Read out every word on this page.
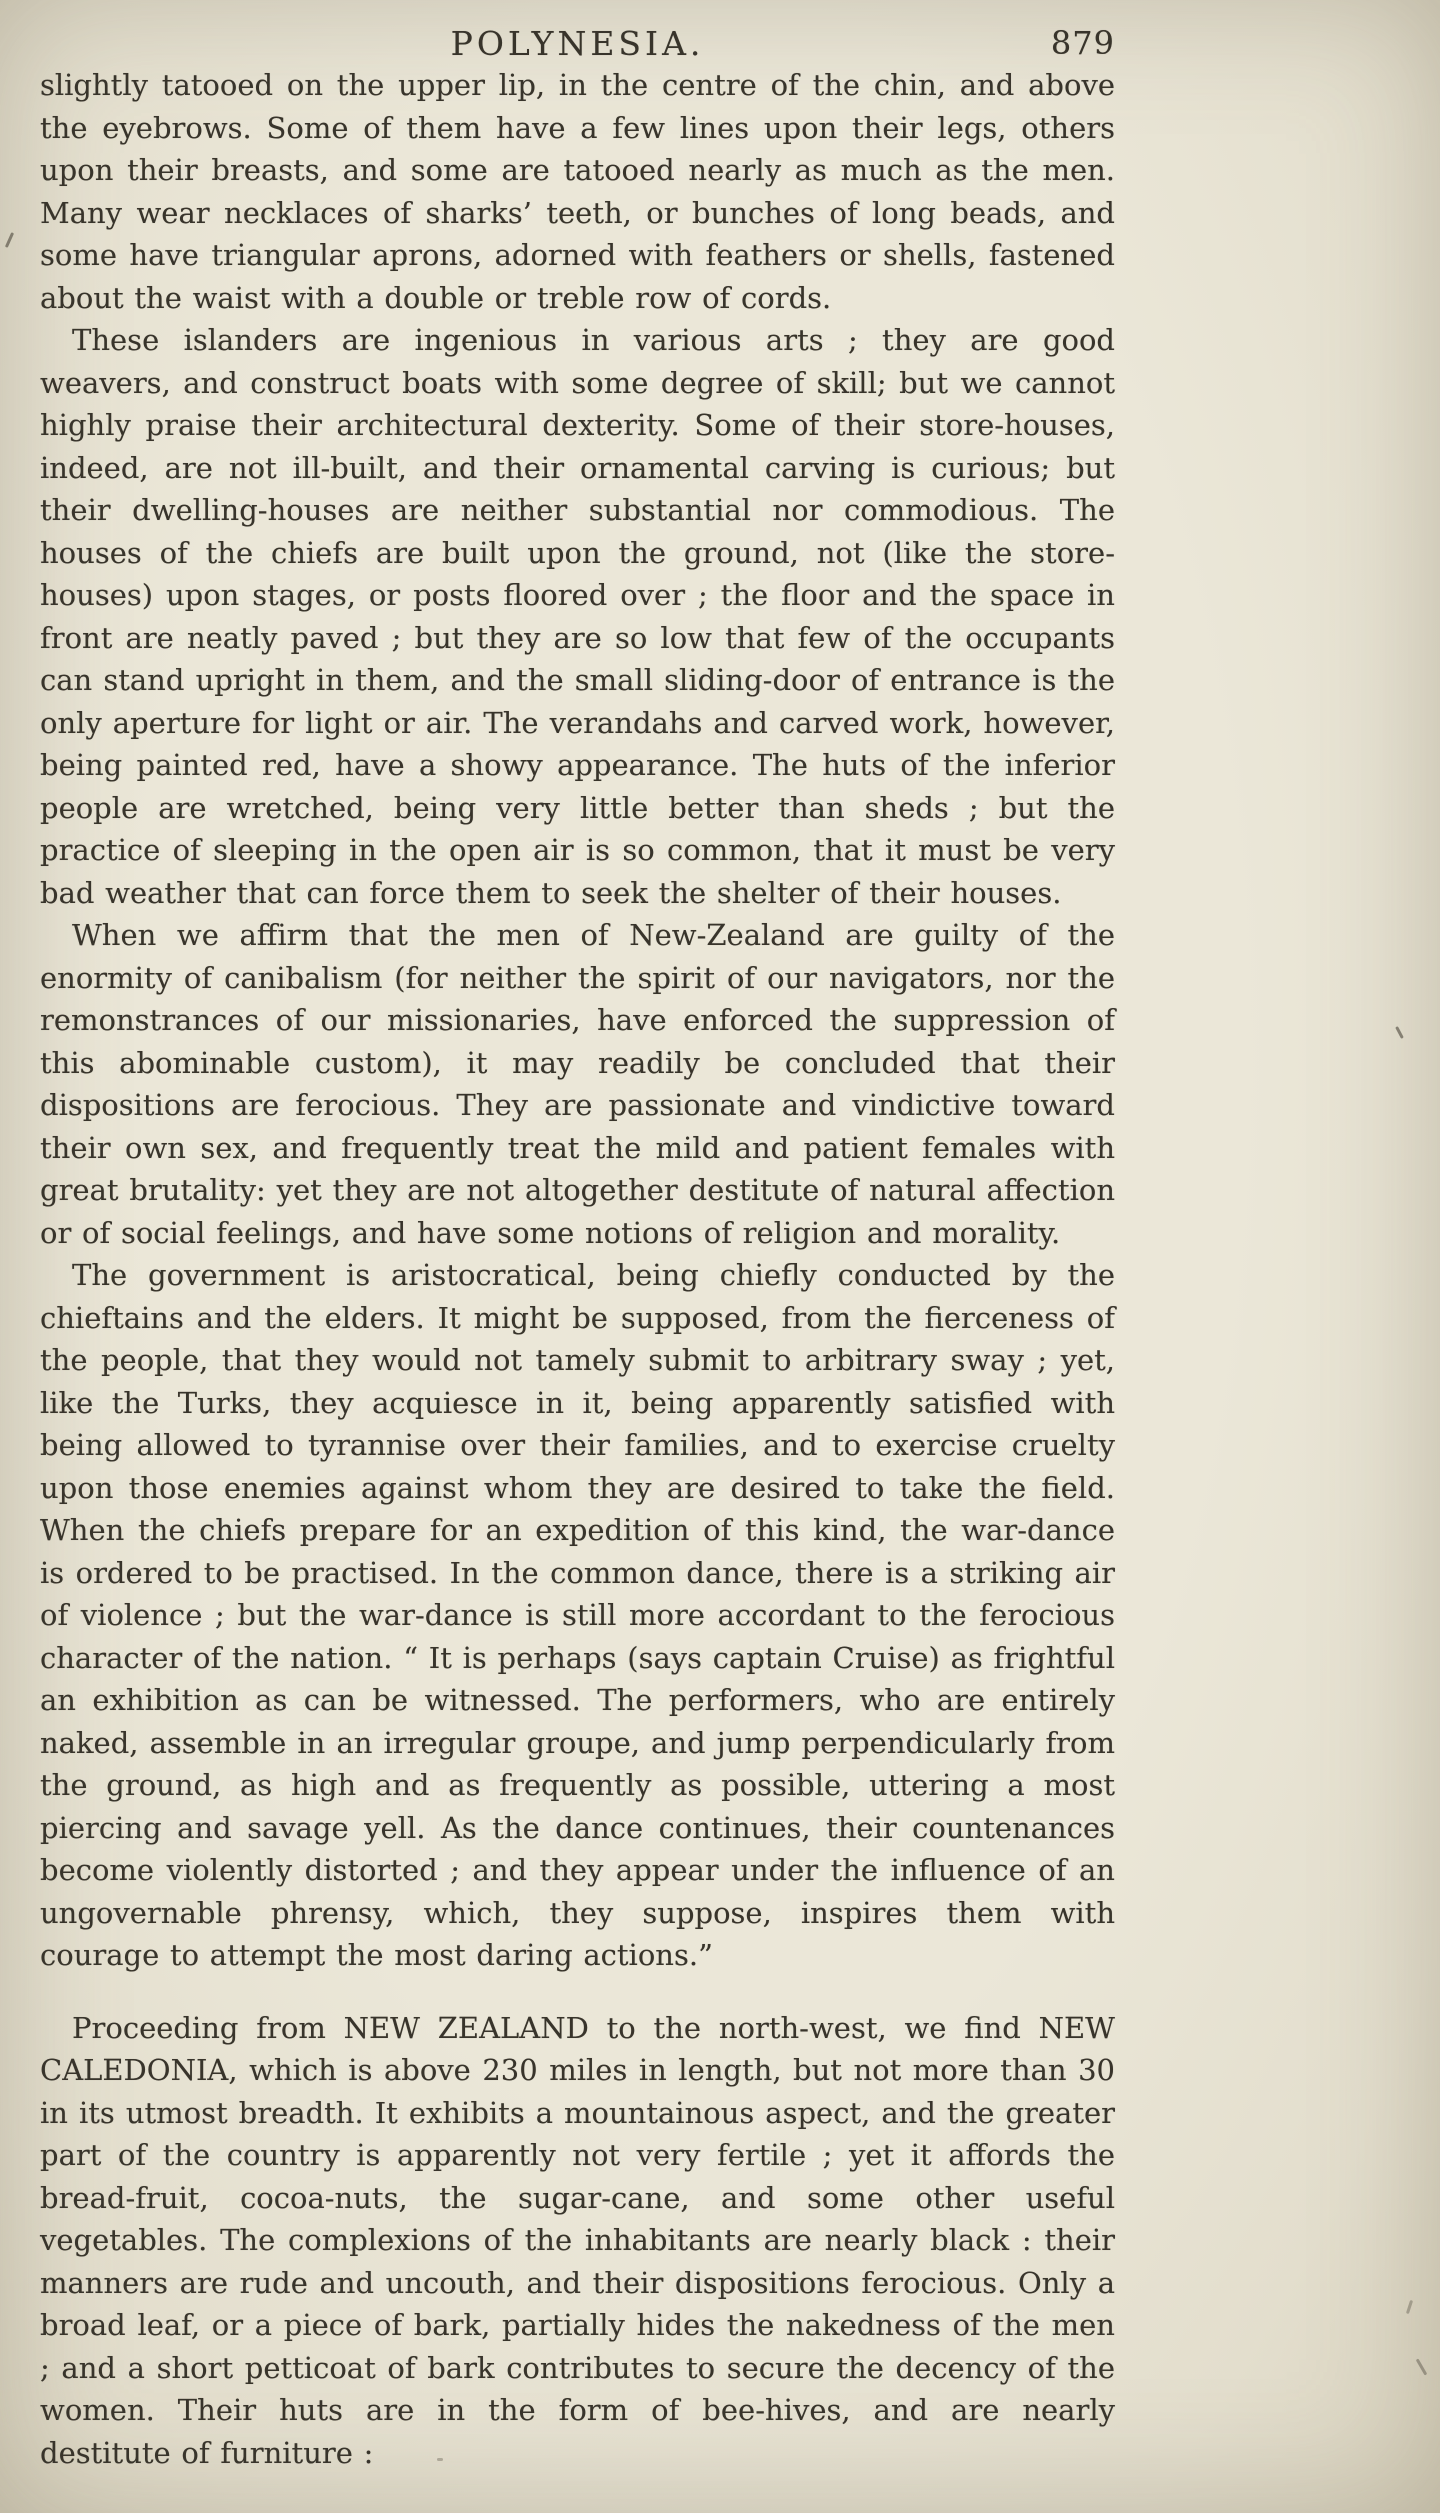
POLYNESIA.	879

slightly tatooed on the upper lip, in the centre of the chin, and above the eyebrows. Some of them have a few lines upon their legs, others upon their breasts, and some are tatooed nearly as much as the men. Many wear necklaces of sharks’ teeth, or bunches of long beads, and some have triangular aprons, adorned with feathers or shells, fastened about the waist with a double or treble row of cords.

These islanders are ingenious in various arts ; they are good weavers, and construct boats with some degree of skill; but we cannot highly praise their architectural dexterity. Some of their store-houses, indeed, are not ill-built, and their ornamental carving is curious; but their dwelling-houses are neither substantial nor commodious. The houses of the chiefs are built upon the ground, not (like the store-houses) upon stages, or posts floored over ; the floor and the space in front are neatly paved ; but they are so low that few of the occupants can stand upright in them, and the small sliding-door of entrance is the only aperture for light or air. The verandahs and carved work, however, being painted red, have a showy appearance. The huts of the inferior people are wretched, being very little better than sheds ; but the practice of sleeping in the open air is so common, that it must be very bad weather that can force them to seek the shelter of their houses.

When we affirm that the men of New-Zealand are guilty of the enormity of canibalism (for neither the spirit of our navigators, nor the remonstrances of our missionaries, have enforced the suppression of this abominable custom), it may readily be concluded that their dispositions are ferocious. They are passionate and vindictive toward their own sex, and frequently treat the mild and patient females with great brutality: yet they are not altogether destitute of natural affection or of social feelings, and have some notions of religion and morality.

The government is aristocratical, being chiefly conducted by the chieftains and the elders. It might be supposed, from the fierceness of the people, that they would not tamely submit to arbitrary sway ; yet, like the Turks, they acquiesce in it, being apparently satisfied with being allowed to tyrannise over their families, and to exercise cruelty upon those enemies against whom they are desired to take the field. When the chiefs prepare for an expedition of this kind, the war-dance is ordered to be practised. In the common dance, there is a striking air of violence ; but the war-dance is still more accordant to the ferocious character of the nation. “ It is perhaps (says captain Cruise) as frightful an exhibition as can be witnessed. The performers, who are entirely naked, assemble in an irregular groupe, and jump perpendicularly from the ground, as high and as frequently as possible, uttering a most piercing and savage yell. As the dance continues, their countenances become violently distorted ; and they appear under the influence of an ungovernable phrensy, which, they suppose, inspires them with courage to attempt the most daring actions.”

Proceeding from NEW ZEALAND to the north-west, we find NEW CALEDONIA, which is above 230 miles in length, but not more than 30 in its utmost breadth. It exhibits a mountainous aspect, and the greater part of the country is apparently not very fertile ; yet it affords the bread-fruit, cocoa-nuts, the sugar-cane, and some other useful vegetables. The complexions of the inhabitants are nearly black : their manners are rude and uncouth, and their dispositions ferocious. Only a broad leaf, or a piece of bark, partially hides the nakedness of the men ; and a short petticoat of bark contributes to secure the decency of the women. Their huts are in the form of bee-hives, and are nearly destitute of furniture :
